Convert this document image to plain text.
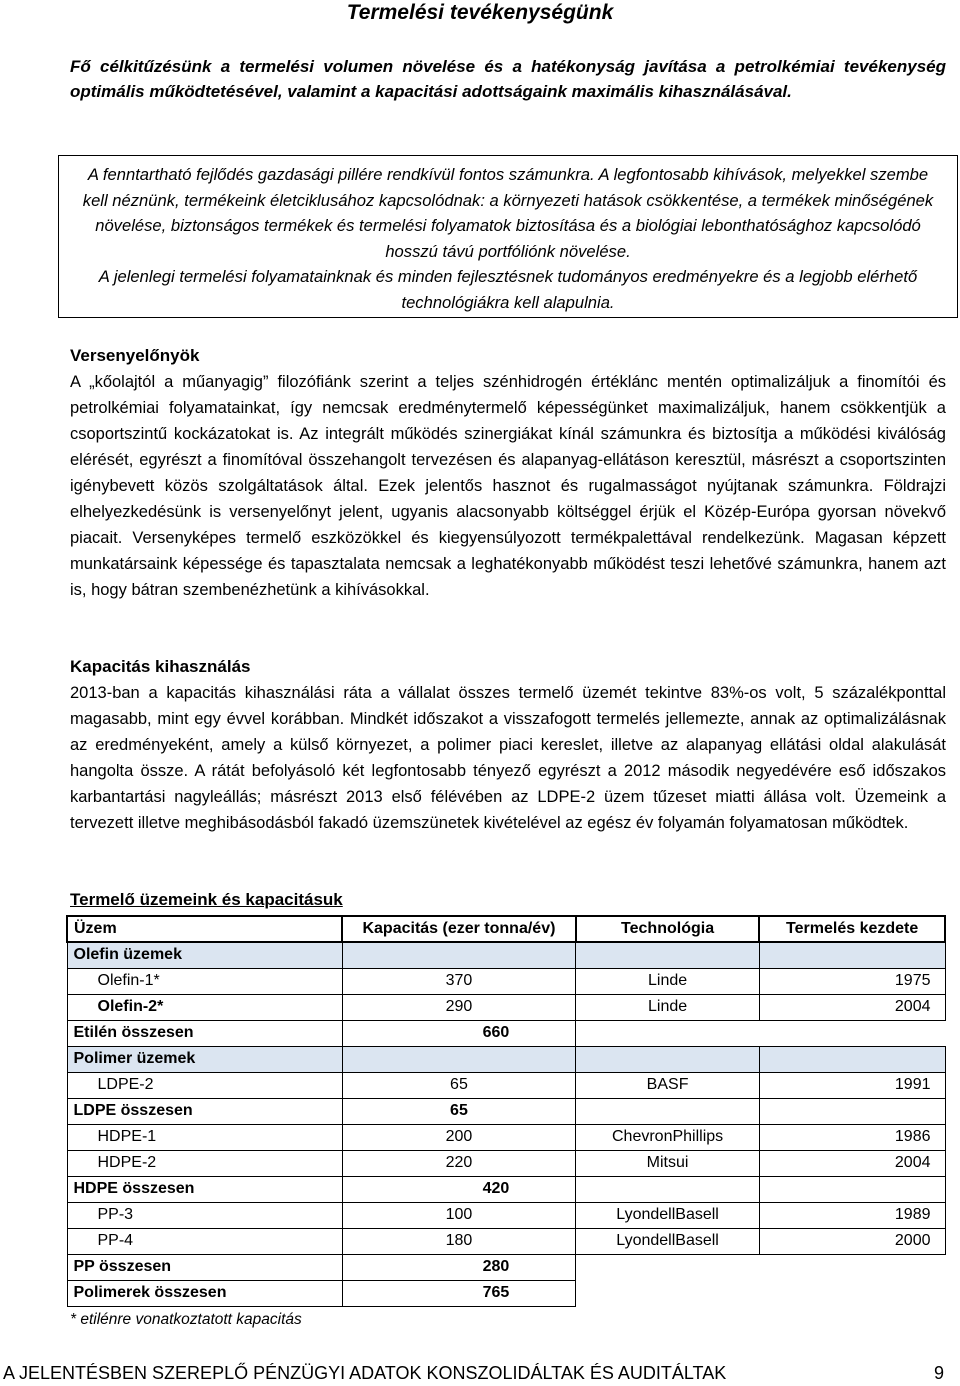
Termelési tevékenységünk

Fő célkitűzésünk a termelési volumen növelése és a hatékonyság javítása a petrolkémiai tevékenység optimális működtetésével, valamint a kapacitási adottságaink maximális kihasználásával.

A fenntartható fejlődés gazdasági pillére rendkívül fontos számunkra. A legfontosabb kihívások, melyekkel szembe kell néznünk, termékeink életciklusához kapcsolódnak: a környezeti hatások csökkentése, a termékek minőségének növelése, biztonságos termékek és termelési folyamatok biztosítása és a biológiai lebonthatósághoz kapcsolódó hosszú távú portfóliónk növelése.

A jelenlegi termelési folyamatainknak és minden fejlesztésnek tudományos eredményekre és a legjobb elérhető technológiákra kell alapulnia.

Versenyelőnyök

A „kőolajtól a műanyagig” filozófiánk szerint a teljes szénhidrogén értéklánc mentén optimalizáljuk a finomítói és petrolkémiai folyamatainkat, így nemcsak eredménytermelő képességünket maximalizáljuk, hanem csökkentjük a csoportszintű kockázatokat is. Az integrált működés szinergiákat kínál számunkra és biztosítja a működési kiválóság elérését, egyrészt a finomítóval összehangolt tervezésen és alapanyag-ellátáson keresztül, másrészt a csoportszinten igénybevett közös szolgáltatások által. Ezek jelentős hasznot és rugalmasságot nyújtanak számunkra. Földrajzi elhelyezkedésünk is versenyelőnyt jelent, ugyanis alacsonyabb költséggel érjük el Közép-Európa gyorsan növekvő piacait. Versenyképes termelő eszközökkel és kiegyensúlyozott termékpalettával rendelkezünk. Magasan képzett munkatársaink képessége és tapasztalata nemcsak a leghatékonyabb működést teszi lehetővé számunkra, hanem azt is, hogy bátran szembenézhetünk a kihívásokkal.

Kapacitás kihasználás

2013-ban a kapacitás kihasználási ráta a vállalat összes termelő üzemét tekintve 83%-os volt, 5 százalékponttal magasabb, mint egy évvel korábban. Mindkét időszakot a visszafogott termelés jellemezte, annak az optimalizálásnak az eredményeként, amely a külső környezet, a polimer piaci kereslet, illetve az alapanyag ellátási oldal alakulását hangolta össze. A rátát befolyásoló két legfontosabb tényező egyrészt a 2012 második negyedévére eső időszakos karbantartási nagyleállás; másrészt 2013 első félévében az LDPE-2 üzem tűzeset miatti állása volt. Üzemeink a tervezett illetve meghibásodásból fakadó üzemszünetek kivételével az egész év folyamán folyamatosan működtek.

Termelő üzemeink és kapacitásuk
Üzem	Kapacitás (ezer tonna/év)	Technológia	Termelés kezdete
Olefin üzemek			
Olefin-1*	370	Linde	1975
Olefin-2*	290	Linde	2004
Etilén összesen	660		
Polimer üzemek			
LDPE-2	65	BASF	1991
LDPE összesen	65		
HDPE-1	200	ChevronPhillips	1986
HDPE-2	220	Mitsui	2004
HDPE összesen	420		
PP-3	100	LyondellBasell	1989
PP-4	180	LyondellBasell	2000
PP összesen	280		
Polimerek összesen	765		
* etilénre vonatkoztatott kapacitás
A JELENTÉSBEN SZEREPLŐ PÉNZÜGYI ADATOK KONSZOLIDÁLTAK ÉS AUDITÁLTAK	9
